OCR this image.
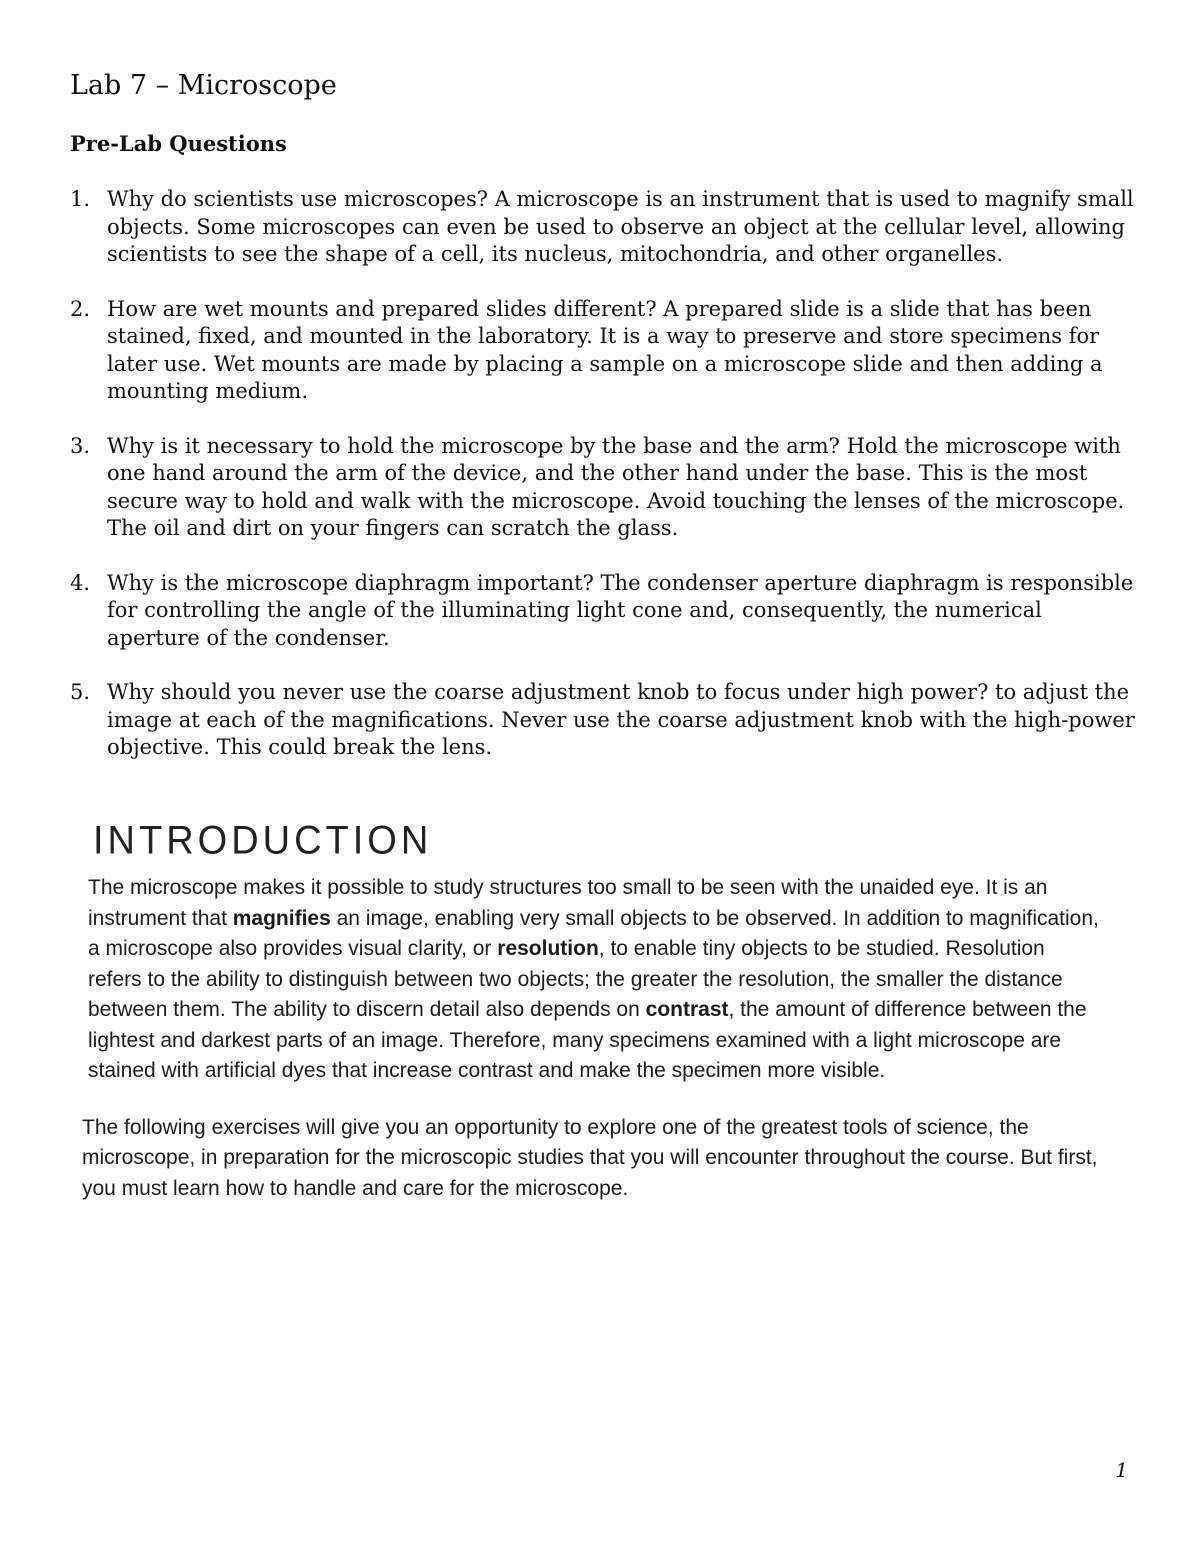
Lab 7 – Microscope
Pre-Lab Questions
1. Why do scientists use microscopes? A microscope is an instrument that is used to magnify small objects. Some microscopes can even be used to observe an object at the cellular level, allowing scientists to see the shape of a cell, its nucleus, mitochondria, and other organelles.
2. How are wet mounts and prepared slides different? A prepared slide is a slide that has been stained, fixed, and mounted in the laboratory. It is a way to preserve and store specimens for later use. Wet mounts are made by placing a sample on a microscope slide and then adding a mounting medium.
3. Why is it necessary to hold the microscope by the base and the arm? Hold the microscope with one hand around the arm of the device, and the other hand under the base. This is the most secure way to hold and walk with the microscope. Avoid touching the lenses of the microscope. The oil and dirt on your fingers can scratch the glass.
4. Why is the microscope diaphragm important? The condenser aperture diaphragm is responsible for controlling the angle of the illuminating light cone and, consequently, the numerical aperture of the condenser.
5. Why should you never use the coarse adjustment knob to focus under high power? to adjust the image at each of the magnifications. Never use the coarse adjustment knob with the high-power objective. This could break the lens.
INTRODUCTION

The microscope makes it possible to study structures too small to be seen with the unaided eye. It is an instrument that magnifies an image, enabling very small objects to be observed. In addition to magnification, a microscope also provides visual clarity, or resolution, to enable tiny objects to be studied. Resolution refers to the ability to distinguish between two objects; the greater the resolution, the smaller the distance between them. The ability to discern detail also depends on contrast, the amount of difference between the lightest and darkest parts of an image. Therefore, many specimens examined with a light microscope are stained with artificial dyes that increase contrast and make the specimen more visible.

The following exercises will give you an opportunity to explore one of the greatest tools of science, the microscope, in preparation for the microscopic studies that you will encounter throughout the course. But first, you must learn how to handle and care for the microscope.

1
